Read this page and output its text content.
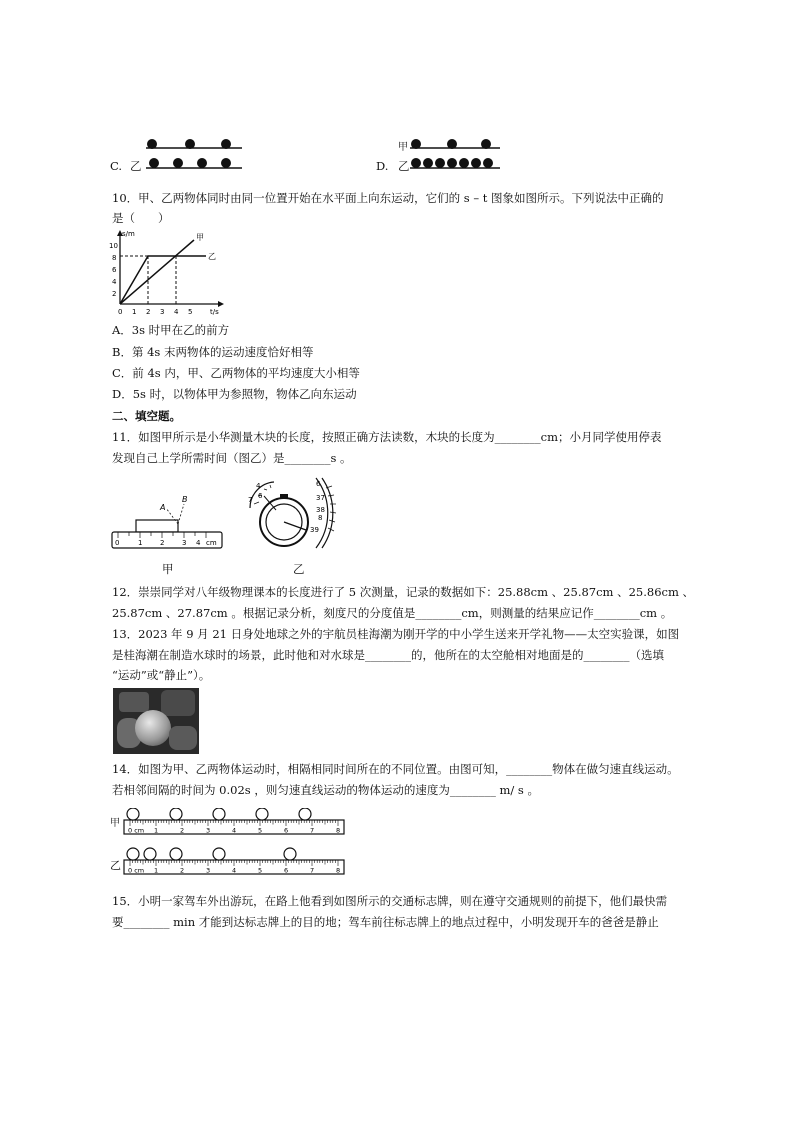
C. 乙	D.
甲
乙
10．甲、乙两物体同时由同一位置开始在水平面上向东运动，它们的 s – t 图象如图所示。下列说法中正确的
是（　　）
s/m
t/s
10
8
6
4
2
0 1 2 3 4 5
甲
乙
A．3s 时甲在乙的前方
B．第 4s 末两物体的运动速度恰好相等
C．前 4s 内，甲、乙两物体的平均速度大小相等
D．5s 时，以物体甲为参照物，物体乙向东运动
二、填空题。
11．如图甲所示是小华测量木块的长度，按照正确方法读数，木块的长度为________cm；小月同学使用停表
发现自己上学所需时间（图乙）是________s 。
0	1	2	3 4 cm
A
B
6
37
38
8
39
4
6
7
甲	乙
12．崇崇同学对八年级物理课本的长度进行了 5 次测量，记录的数据如下：25.88cm 、25.87cm 、25.86cm 、
25.87cm 、27.87cm 。根据记录分析，刻度尺的分度值是________cm，则测量的结果应记作________cm 。
13．2023 年 9 月 21 日身处地球之外的宇航员桂海潮为刚开学的中小学生送来开学礼物——太空实验课，如图
是桂海潮在制造水球时的场景，此时他和对水球是________的，他所在的太空舱相对地面是的________（选填
“运动”或“静止”）。
14．如图为甲、乙两物体运动时，相隔相同时间所在的不同位置。由图可知，________物体在做匀速直线运动。
若相邻间隔的时间为 0.02s ，则匀速直线运动的物体运动的速度为________ m/ s 。
甲
乙
0 cm 1	2	3	4	5	6	7	8
0 cm 1	2	3	4	5	6	7	8
15．小明一家驾车外出游玩，在路上他看到如图所示的交通标志牌，则在遵守交通规则的前提下，他们最快需
要________ min 才能到达标志牌上的目的地；驾车前往标志牌上的地点过程中，小明发现开车的爸爸是静止
